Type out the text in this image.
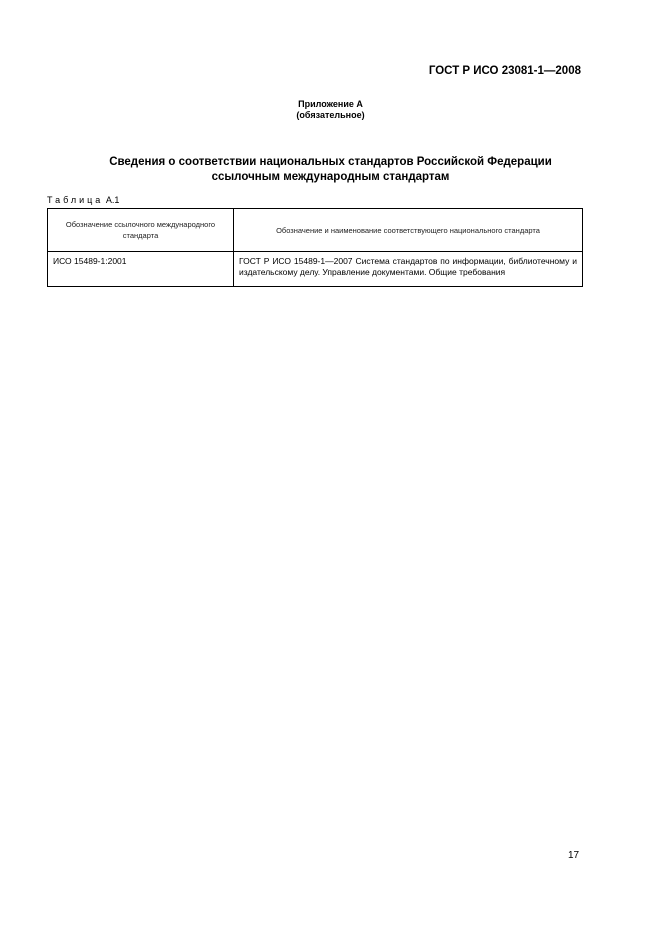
ГОСТ Р ИСО 23081-1—2008
Приложение А
(обязательное)
Сведения о соответствии национальных стандартов Российской Федерации
ссылочным международным стандартам
Таблица А.1
Обозначение ссылочного международного стандарта	Обозначение и наименование соответствующего национального стандарта
ИСО 15489-1:2001	ГОСТ Р ИСО 15489-1—2007 Система стандартов по информации, библиотечному и издательскому делу. Управление документами. Общие требования
17
